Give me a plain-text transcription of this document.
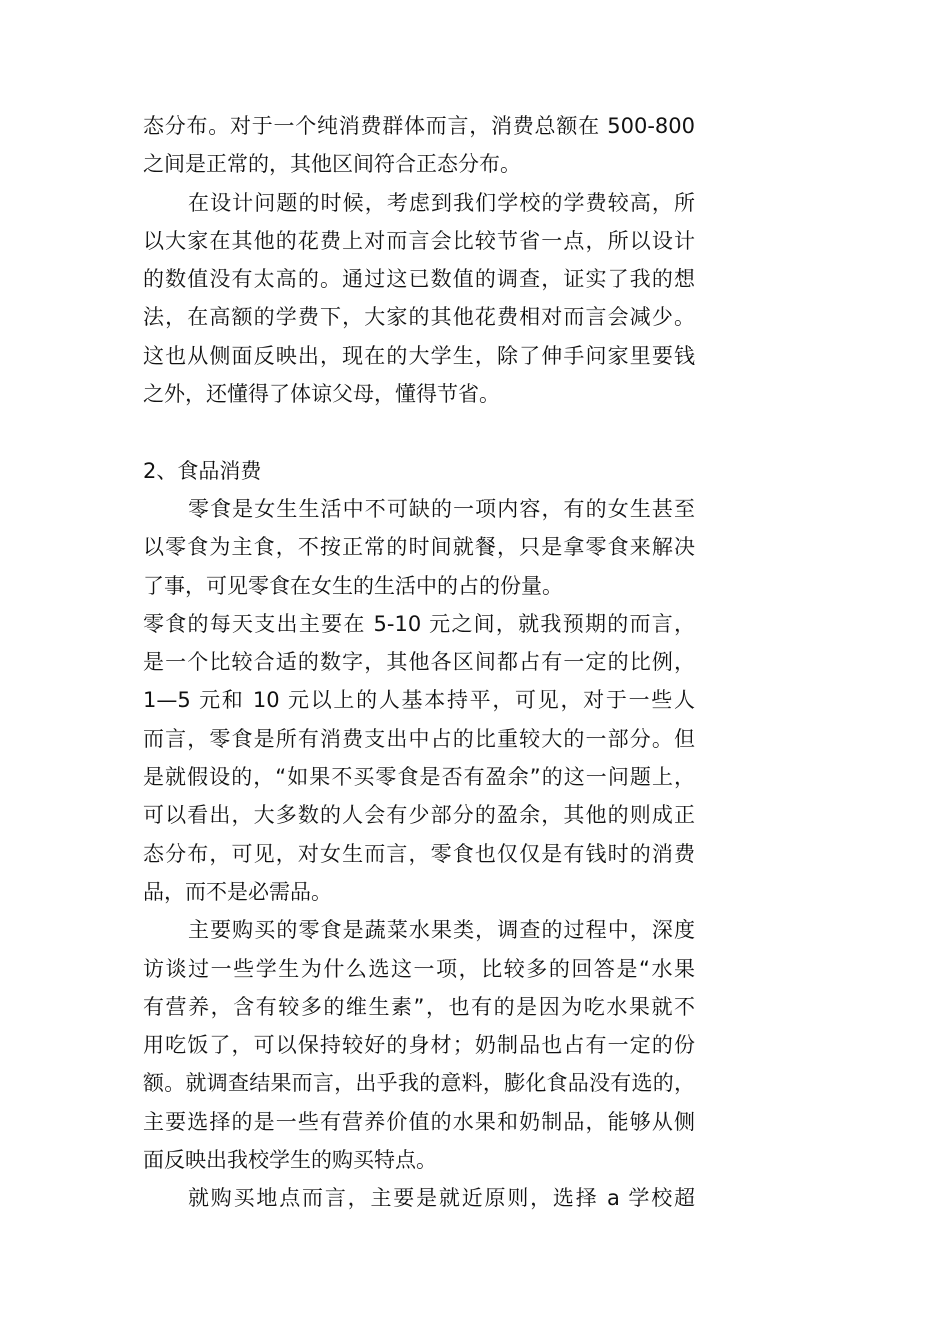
态分布。对于一个纯消费群体而言，消费总额在 500-800
之间是正常的，其他区间符合正态分布。
在设计问题的时候，考虑到我们学校的学费较高，所
以大家在其他的花费上对而言会比较节省一点，所以设计
的数值没有太高的。通过这已数值的调查，证实了我的想
法，在高额的学费下，大家的其他花费相对而言会减少。
这也从侧面反映出，现在的大学生，除了伸手问家里要钱
之外，还懂得了体谅父母，懂得节省。
2、食品消费
零食是女生生活中不可缺的一项内容，有的女生甚至
以零食为主食，不按正常的时间就餐，只是拿零食来解决
了事，可见零食在女生的生活中的占的份量。
零食的每天支出主要在 5-10 元之间，就我预期的而言，
是一个比较合适的数字，其他各区间都占有一定的比例，
1—5 元和 10 元以上的人基本持平，可见，对于一些人
而言，零食是所有消费支出中占的比重较大的一部分。但
是就假设的，“如果不买零食是否有盈余”的这一问题上，
可以看出，大多数的人会有少部分的盈余，其他的则成正
态分布，可见，对女生而言，零食也仅仅是有钱时的消费
品，而不是必需品。
主要购买的零食是蔬菜水果类，调查的过程中，深度
访谈过一些学生为什么选这一项，比较多的回答是“水果
有营养，含有较多的维生素”，也有的是因为吃水果就不
用吃饭了，可以保持较好的身材；奶制品也占有一定的份
额。就调查结果而言，出乎我的意料，膨化食品没有选的，
主要选择的是一些有营养价值的水果和奶制品，能够从侧
面反映出我校学生的购买特点。
就购买地点而言，主要是就近原则，选择 a 学校超
